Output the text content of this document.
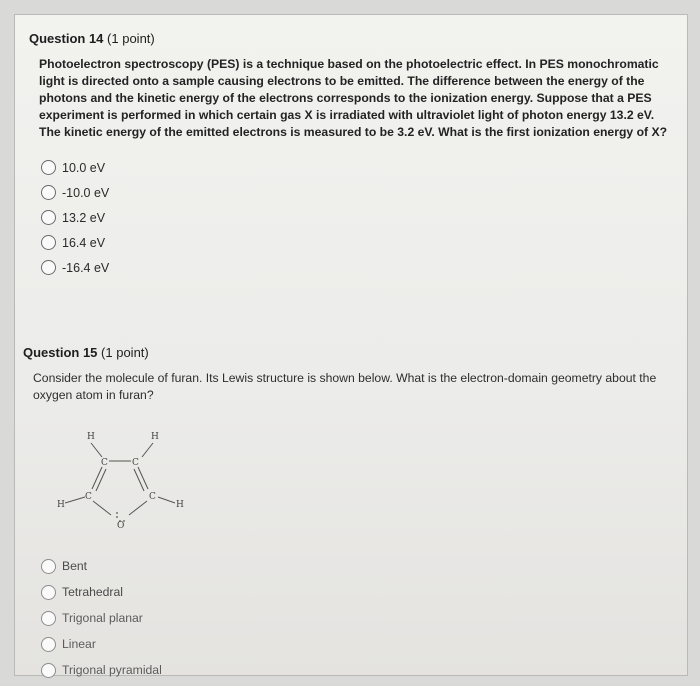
Question 14 (1 point)
Photoelectron spectroscopy (PES) is a technique based on the photoelectric effect. In PES monochromatic light is directed onto a sample causing electrons to be emitted. The difference between the energy of the photons and the kinetic energy of the electrons corresponds to the ionization energy. Suppose that a PES experiment is performed in which certain gas X is irradiated with ultraviolet light of photon energy 13.2 eV. The kinetic energy of the emitted electrons is measured to be 3.2 eV. What is the first ionization energy of X?
10.0 eV
-10.0 eV
13.2 eV
16.4 eV
-16.4 eV
Question 15 (1 point)
Consider the molecule of furan. Its Lewis structure is shown below. What is the electron-domain geometry about the oxygen atom in furan?
H	H
C	C
H
C	C
H
O
Bent
Tetrahedral
Trigonal planar
Linear
Trigonal pyramidal
